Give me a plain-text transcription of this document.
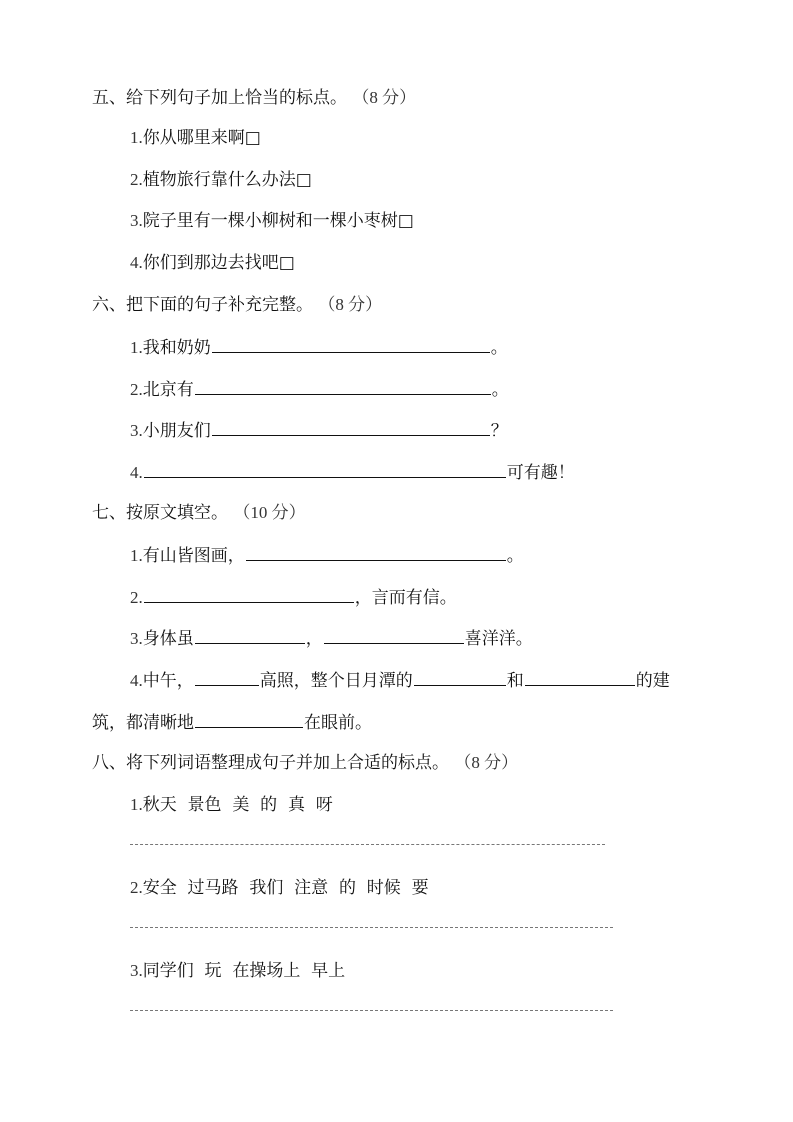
五、给下列句子加上恰当的标点。 （8 分）
1.你从哪里来啊□
2.植物旅行靠什么办法□
3.院子里有一棵小柳树和一棵小枣树□
4.你们到那边去找吧□
六、把下面的句子补充完整。 （8 分）
1.我和奶奶	。
2.北京有	。
3.小朋友们	？
4.	可有趣！
七、按原文填空。 （10 分）
1.有山皆图画，	。
2.	，言而有信。
3.身体虽	，	喜洋洋。
4.中午，	高照，整个日月潭的	和	的建
筑，都清晰地	在眼前。
八、将下列词语整理成句子并加上合适的标点。 （8 分）
1.秋天  景色  美  的  真  呀
2.安全  过马路  我们  注意  的  时候  要
3.同学们  玩  在操场上  早上
